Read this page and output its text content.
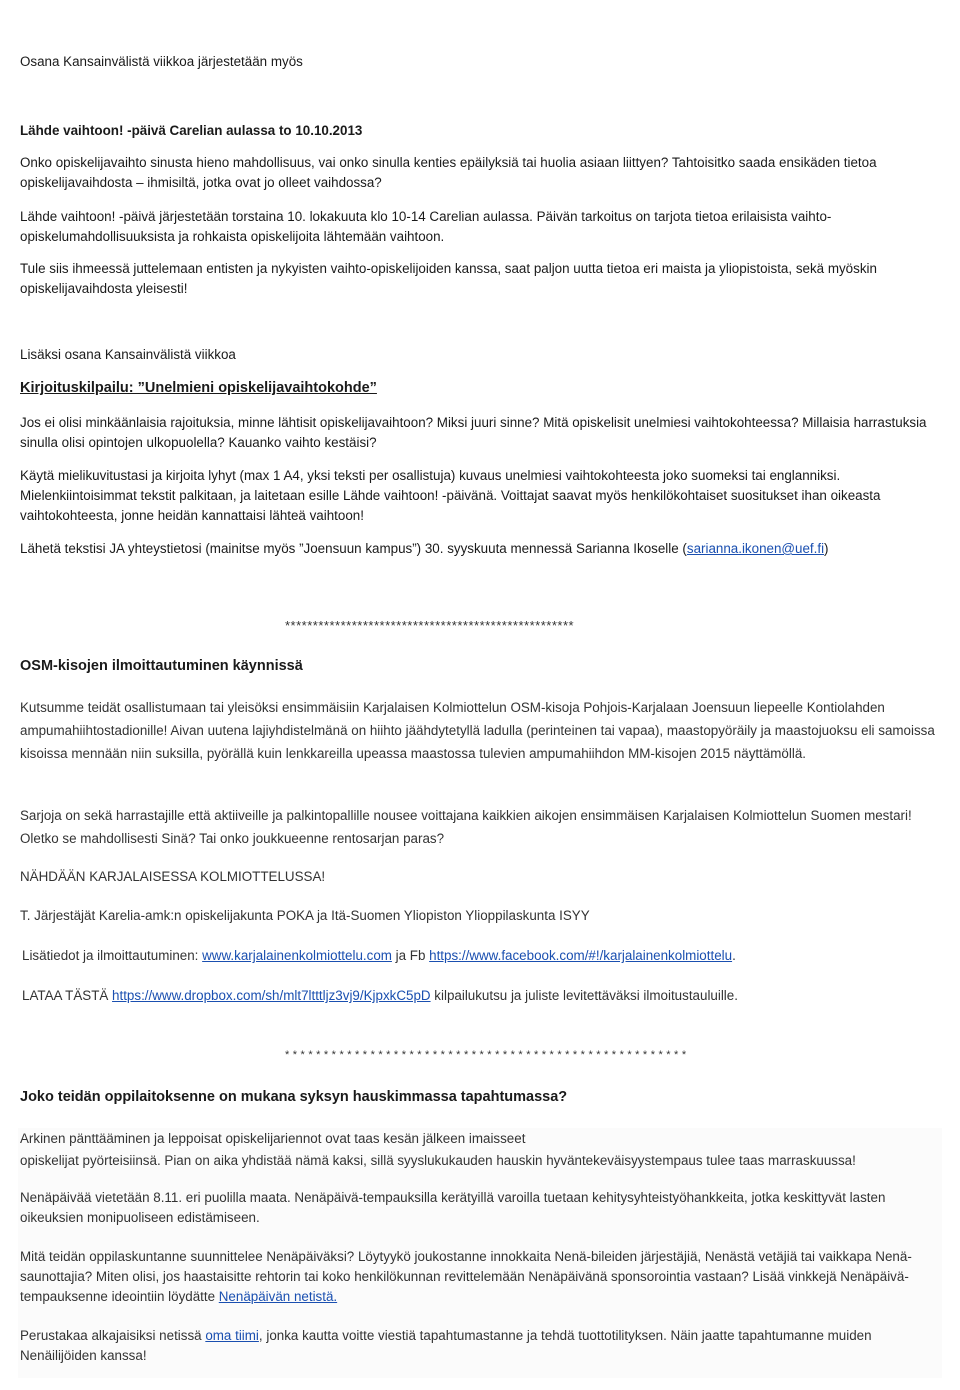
Osana Kansainvälistä viikkoa järjestetään myös

Lähde vaihtoon! -päivä Carelian aulassa to 10.10.2013

Onko opiskelijavaihto sinusta hieno mahdollisuus, vai onko sinulla kenties epäilyksiä tai huolia asiaan liittyen? Tahtoisitko saada ensikäden tietoa opiskelijavaihdosta – ihmisiltä, jotka ovat jo olleet vaihdossa?

Lähde vaihtoon! -päivä järjestetään torstaina 10. lokakuuta klo 10-14 Carelian aulassa. Päivän tarkoitus on tarjota tietoa erilaisista vaihto-opiskelumahdollisuuksista ja rohkaista opiskelijoita lähtemään vaihtoon.

Tule siis ihmeessä juttelemaan entisten ja nykyisten vaihto-opiskelijoiden kanssa, saat paljon uutta tietoa eri maista ja yliopistoista, sekä myöskin opiskelijavaihdosta yleisesti!

Lisäksi osana Kansainvälistä viikkoa

Kirjoituskilpailu: ”Unelmieni opiskelijavaihtokohde”

Jos ei olisi minkäänlaisia rajoituksia, minne lähtisit opiskelijavaihtoon? Miksi juuri sinne? Mitä opiskelisit unelmiesi vaihtokohteessa? Millaisia harrastuksia sinulla olisi opintojen ulkopuolella? Kauanko vaihto kestäisi?

Käytä mielikuvitustasi ja kirjoita lyhyt (max 1 A4, yksi teksti per osallistuja) kuvaus unelmiesi vaihtokohteesta joko suomeksi tai englanniksi. Mielenkiintoisimmat tekstit palkitaan, ja laitetaan esille Lähde vaihtoon! -päivänä. Voittajat saavat myös henkilökohtaiset suositukset ihan oikeasta vaihtokohteesta, jonne heidän kannattaisi lähteä vaihtoon!

Lähetä tekstisi JA yhteystietosi (mainitse myös ”Joensuun kampus”) 30. syyskuuta mennessä Sarianna Ikoselle (sarianna.ikonen@uef.fi)

****************************************************

OSM-kisojen ilmoittautuminen käynnissä

Kutsumme teidät osallistumaan tai yleisöksi ensimmäisiin Karjalaisen Kolmiottelun OSM-kisoja Pohjois-Karjalaan Joensuun liepeelle Kontiolahden ampumahiihtostadionille! Aivan uutena lajiyhdistelmänä on hiihto jäähdytetyllä ladulla (perinteinen tai vapaa), maastopyöräily ja maastojuoksu eli samoissa kisoissa mennään niin suksilla, pyörällä kuin lenkkareilla upeassa maastossa tulevien ampumahiihdon MM-kisojen 2015 näyttämöllä.

Sarjoja on sekä harrastajille että aktiiveille ja palkintopallille nousee voittajana kaikkien aikojen ensimmäisen Karjalaisen Kolmiottelun Suomen mestari! Oletko se mahdollisesti Sinä? Tai onko joukkueenne rentosarjan paras?

NÄHDÄÄN KARJALAISESSA KOLMIOTTELUSSA!

T. Järjestäjät Karelia-amk:n opiskelijakunta POKA ja Itä-Suomen Yliopiston Ylioppilaskunta ISYY

Lisätiedot ja ilmoittautuminen: www.karjalainenkolmiottelu.com ja Fb https://www.facebook.com/#!/karjalainenkolmiottelu.

LATAA TÄSTÄ https://www.dropbox.com/sh/mlt7ltttljz3vj9/KjpxkC5pD kilpailukutsu ja juliste levitettäväksi ilmoitustauluille.

****************************************************

Joko teidän oppilaitoksenne on mukana syksyn hauskimmassa tapahtumassa?

Arkinen pänttääminen ja leppoisat opiskelijariennot ovat taas kesän jälkeen imaisseet

opiskelijat pyörteisiinsä. Pian on aika yhdistää nämä kaksi, sillä syyslukukauden hauskin hyväntekeväisyystempaus tulee taas marraskuussa!

Nenäpäivää vietetään 8.11. eri puolilla maata. Nenäpäivä-tempauksilla kerätyillä varoilla tuetaan kehitysyhteistyöhankkeita, jotka keskittyvät lasten oikeuksien monipuoliseen edistämiseen.

Mitä teidän oppilaskuntanne suunnittelee Nenäpäiväksi? Löytyykö joukostanne innokkaita Nenä-bileiden järjestäjiä, Nenästä vetäjiä tai vaikkapa Nenä-saunottajia? Miten olisi, jos haastaisitte rehtorin tai koko henkilökunnan revittelemään Nenäpäivänä sponsorointia vastaan? Lisää vinkkejä Nenäpäivä-tempauksenne ideointiin löydätte Nenäpäivän netistä.

Perustakaa alkajaisiksi netissä oma tiimi, jonka kautta voitte viestiä tapahtumastanne ja tehdä tuottotilityksen. Näin jaatte tapahtumanne muiden Nenäilijöiden kanssa!
